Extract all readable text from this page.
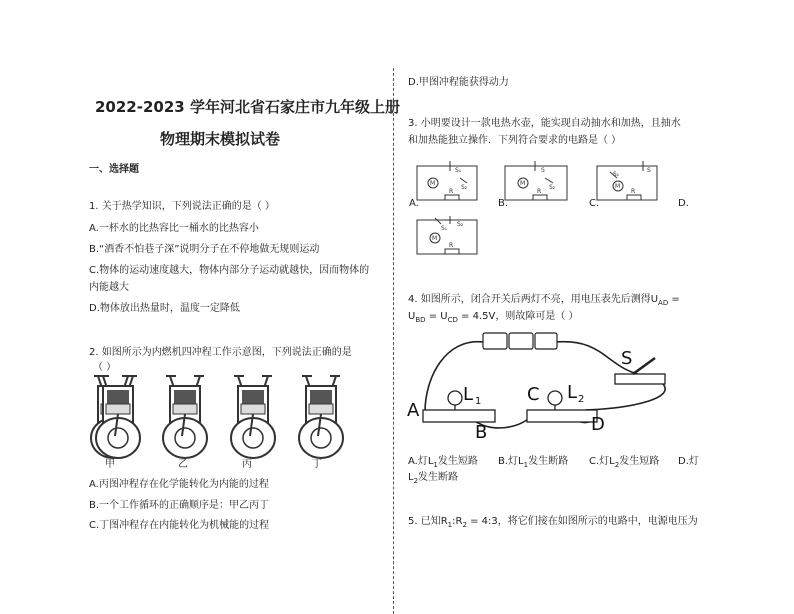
2022-2023 学年河北省石家庄市九年级上册
物理期末模拟试卷
一、选择题
1. 关于热学知识，下列说法正确的是（ ）
A.一杯水的比热容比一桶水的比热容小
B.“酒香不怕巷子深”说明分子在不停地做无规则运动
C.物体的运动速度越大，物体内部分子运动就越快，因而物体的
内能越大
D.物体放出热量时，温度一定降低
2. 如图所示为内燃机四冲程工作示意图，下列说法正确的是
（ ）
甲	乙	丙	丁
A.丙图冲程存在化学能转化为内能的过程
B.一个工作循环的正确顺序是：甲乙丙丁
C.丁图冲程存在内能转化为机械能的过程
D.甲图冲程能获得动力
3. 小明要设计一款电热水壶，能实现自动抽水和加热，且抽水
和加热能独立操作．下列符合要求的电路是（ ）
M	M	M
M
R	R	R
R
S₁
S₂
S
S₂
S₁
S
S₁
S₂
A.	B.	C.	D.
4. 如图所示，闭合开关后两灯不亮，用电压表先后测得$U_{AD}$ =
$U_{BD} = U_{CD} = 4.5V$，则故障可是（ ）
A
B
C
D
L 1	L 2
S
A.灯$L_1$发生短路 B.灯$L_1$发生断路 C.灯$L_2$发生短路 D.灯
$L_2$发生断路
5. 已知$R_1:R_2$ = 4:3，将它们接在如图所示的电路中，电源电压为
